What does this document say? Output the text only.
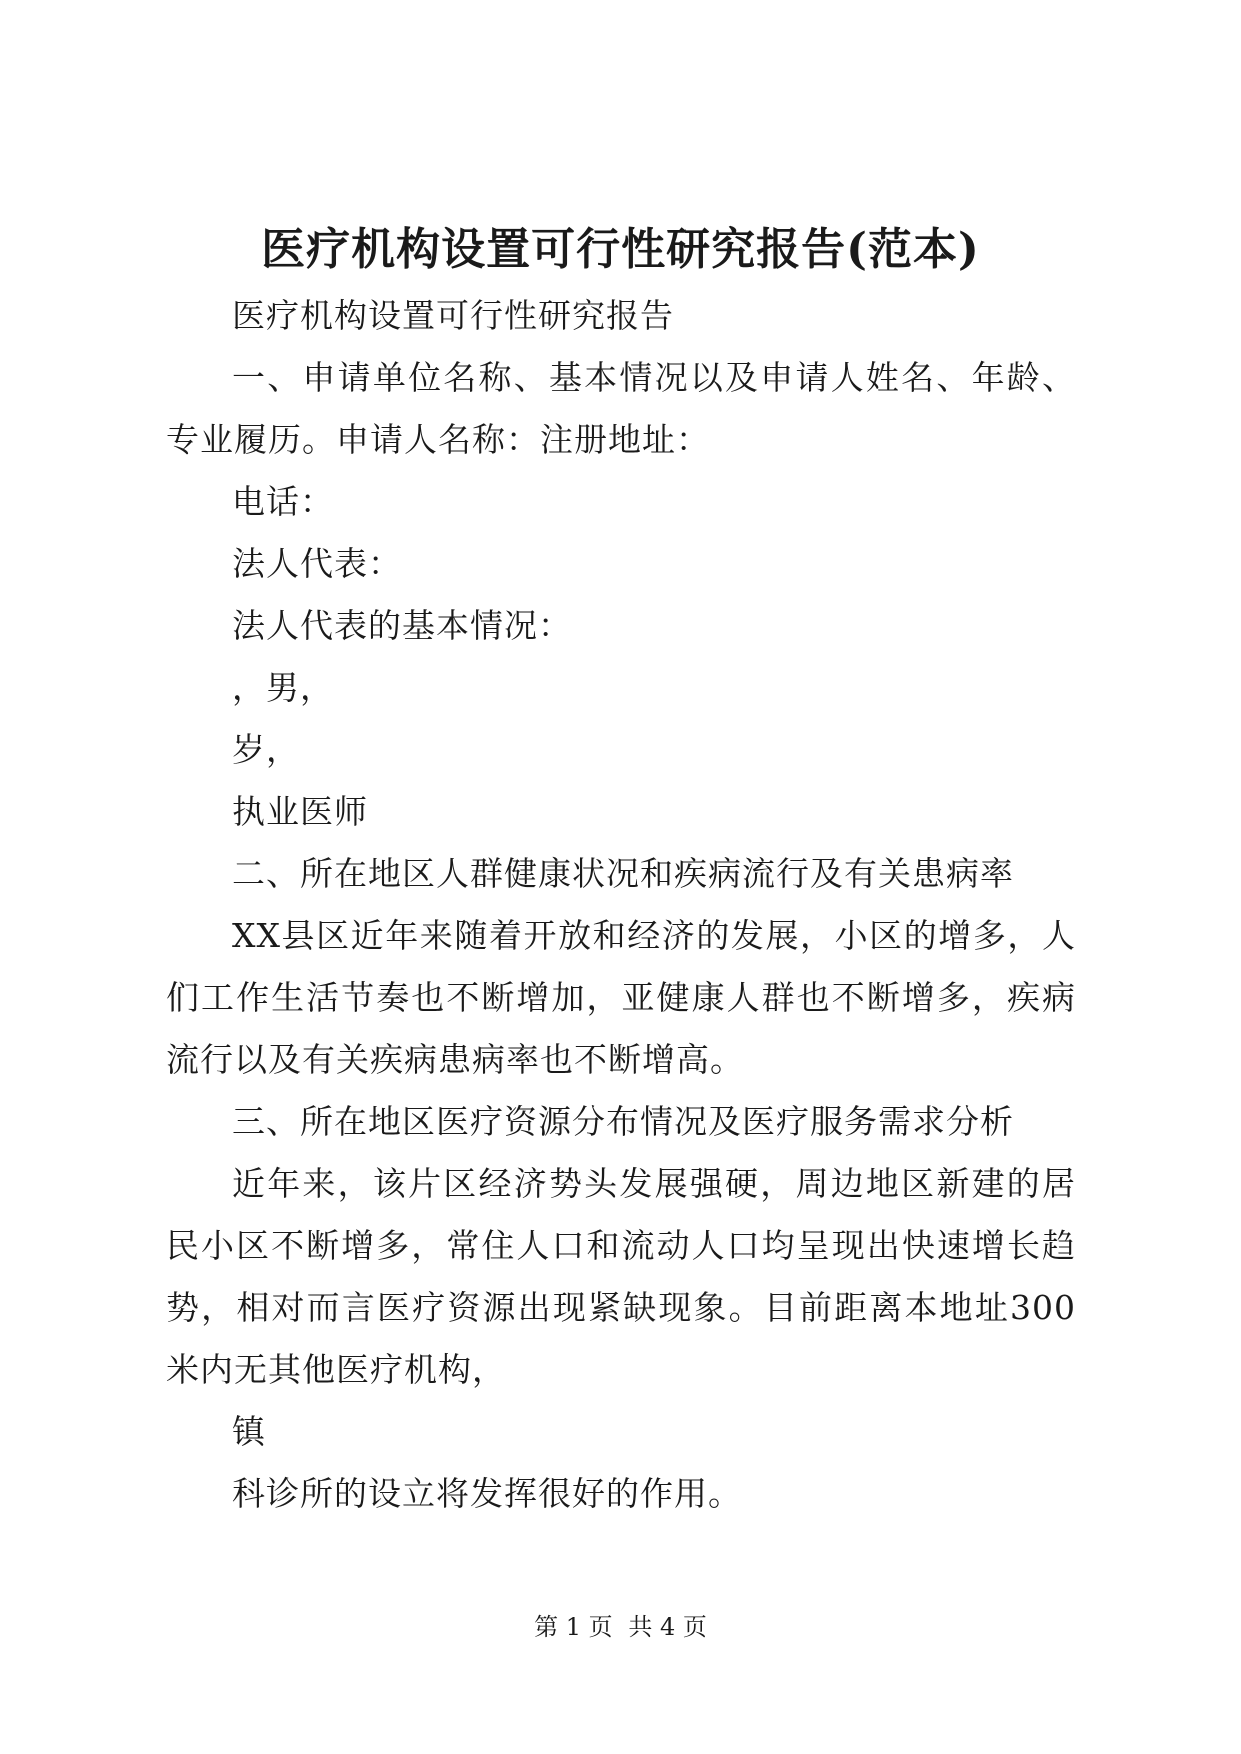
医疗机构设置可行性研究报告(范本)

医疗机构设置可行性研究报告

一、申请单位名称、基本情况以及申请人姓名、年龄、专业履历。申请人名称：注册地址：

电话：

法人代表：

法人代表的基本情况：

，男，

岁，

执业医师

二、所在地区人群健康状况和疾病流行及有关患病率

XX县区近年来随着开放和经济的发展，小区的增多，人们工作生活节奏也不断增加，亚健康人群也不断增多，疾病流行以及有关疾病患病率也不断增高。

三、所在地区医疗资源分布情况及医疗服务需求分析

近年来，该片区经济势头发展强硬，周边地区新建的居民小区不断增多，常住人口和流动人口均呈现出快速增长趋势，相对而言医疗资源出现紧缺现象。目前距离本地址300米内无其他医疗机构，

镇

科诊所的设立将发挥很好的作用。

第 1 页 共 4 页
